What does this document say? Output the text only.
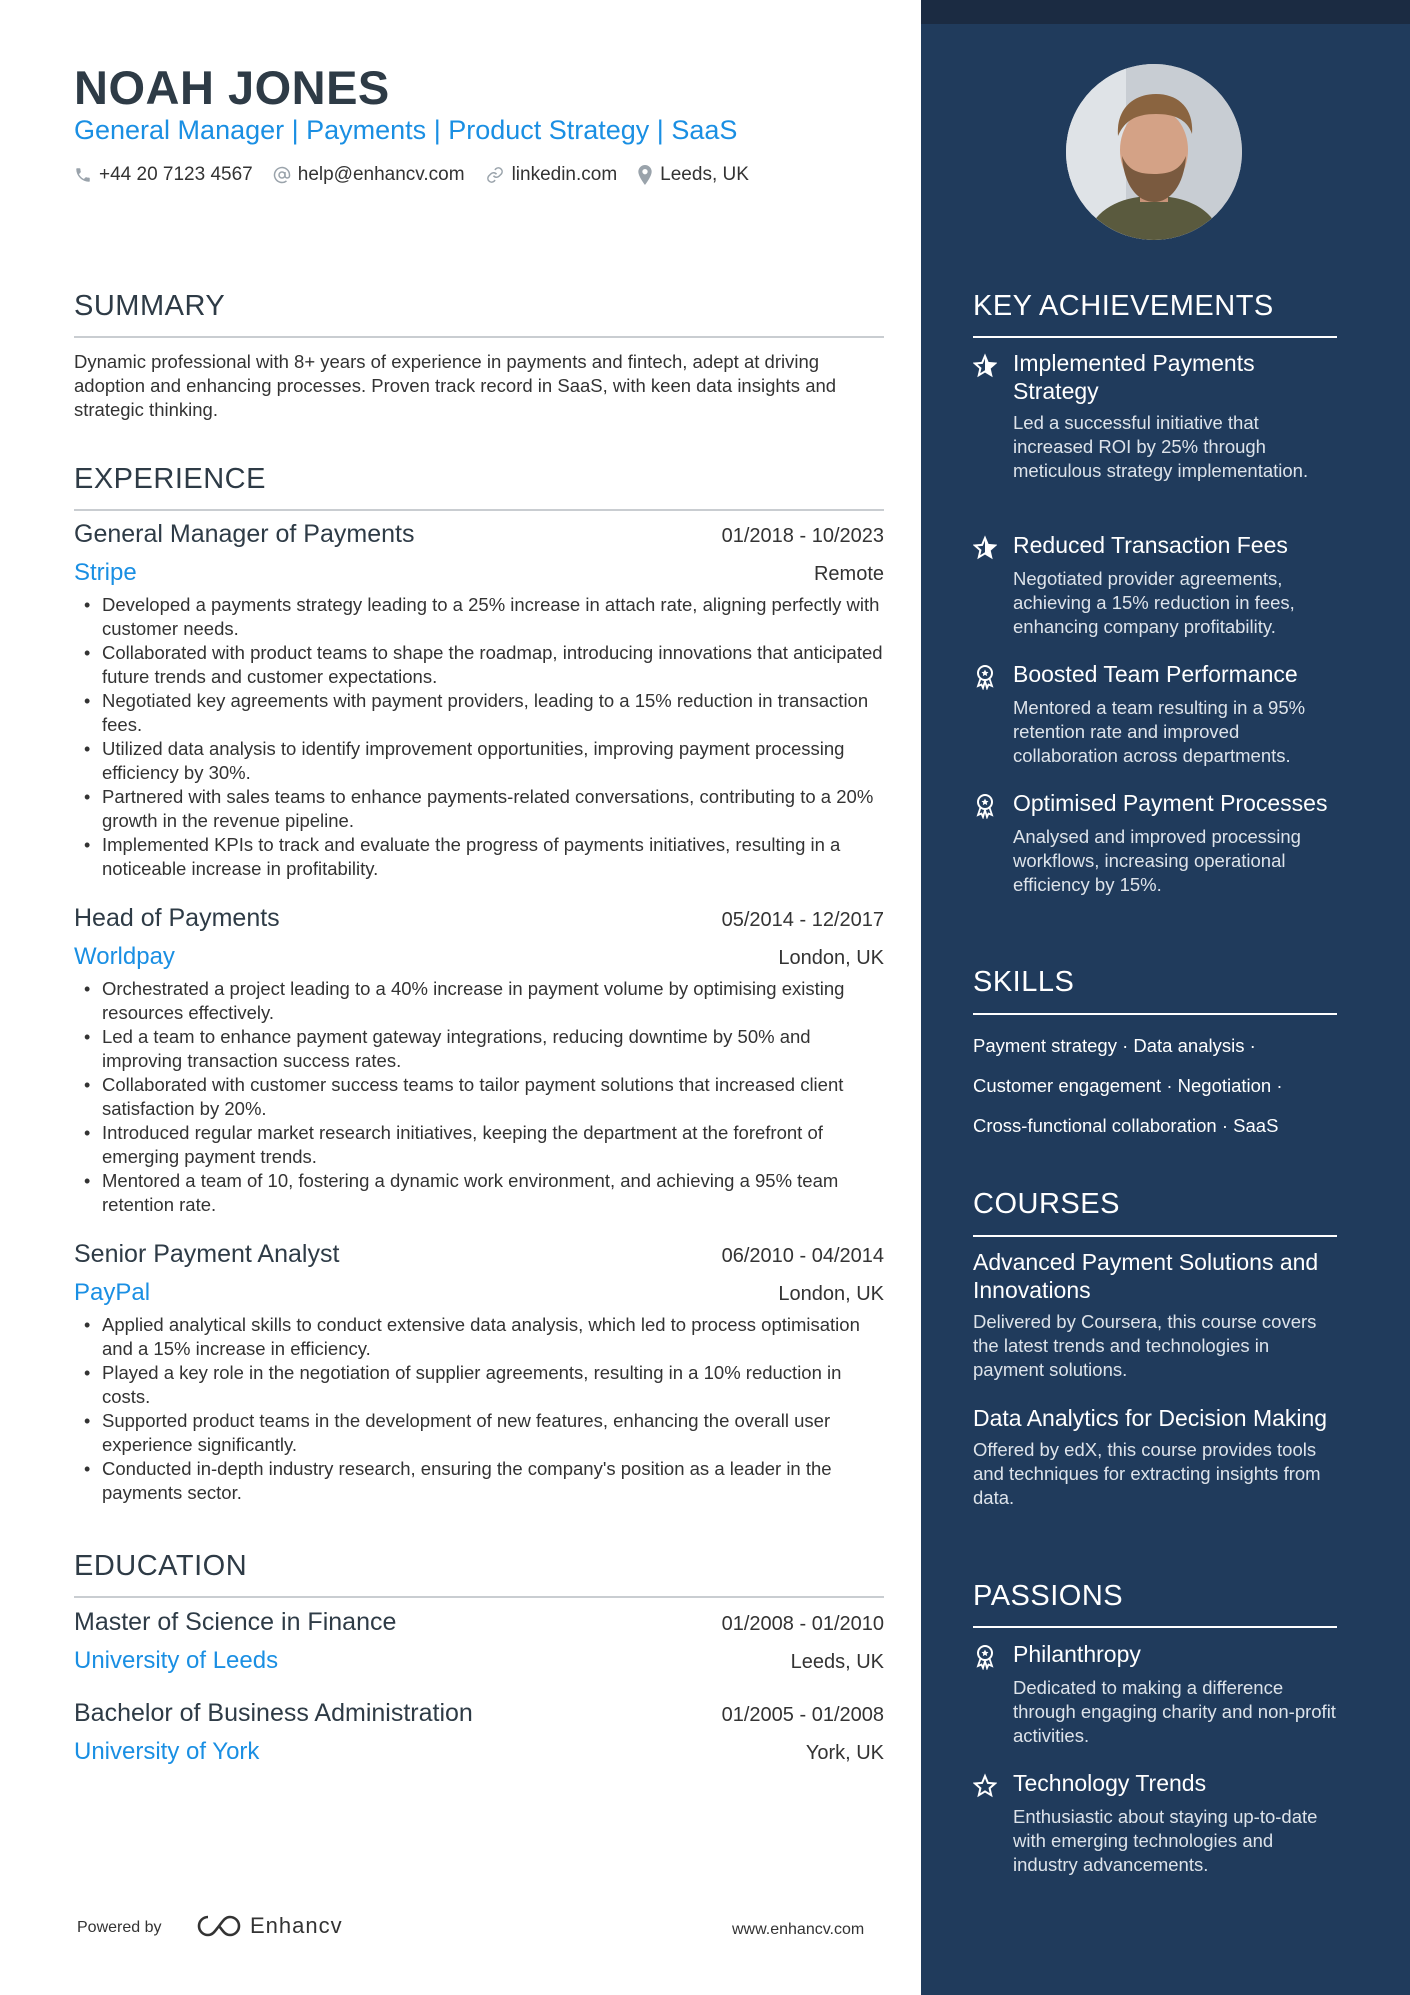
NOAH JONES
General Manager | Payments | Product Strategy | SaaS
+44 20 7123 4567 help@enhancv.com linkedin.com Leeds, UK
SUMMARY
Dynamic professional with 8+ years of experience in payments and fintech, adept at driving adoption and enhancing processes. Proven track record in SaaS, with keen data insights and strategic thinking.
EXPERIENCE
General Manager of Payments	01/2018 - 10/2023
Stripe	Remote
• Developed a payments strategy leading to a 25% increase in attach rate, aligning perfectly with customer needs.
• Collaborated with product teams to shape the roadmap, introducing innovations that anticipated future trends and customer expectations.
• Negotiated key agreements with payment providers, leading to a 15% reduction in transaction fees.
• Utilized data analysis to identify improvement opportunities, improving payment processing efficiency by 30%.
• Partnered with sales teams to enhance payments-related conversations, contributing to a 20% growth in the revenue pipeline.
• Implemented KPIs to track and evaluate the progress of payments initiatives, resulting in a noticeable increase in profitability.
Head of Payments	05/2014 - 12/2017
Worldpay	London, UK
• Orchestrated a project leading to a 40% increase in payment volume by optimising existing resources effectively.
• Led a team to enhance payment gateway integrations, reducing downtime by 50% and improving transaction success rates.
• Collaborated with customer success teams to tailor payment solutions that increased client satisfaction by 20%.
• Introduced regular market research initiatives, keeping the department at the forefront of emerging payment trends.
• Mentored a team of 10, fostering a dynamic work environment, and achieving a 95% team retention rate.
Senior Payment Analyst	06/2010 - 04/2014
PayPal	London, UK
• Applied analytical skills to conduct extensive data analysis, which led to process optimisation and a 15% increase in efficiency.
• Played a key role in the negotiation of supplier agreements, resulting in a 10% reduction in costs.
• Supported product teams in the development of new features, enhancing the overall user experience significantly.
• Conducted in-depth industry research, ensuring the company's position as a leader in the payments sector.
EDUCATION
Master of Science in Finance	01/2008 - 01/2010
University of Leeds	Leeds, UK
Bachelor of Business Administration	01/2005 - 01/2008
University of York	York, UK
Powered by	Enhancv	www.enhancv.com
KEY ACHIEVEMENTS
Implemented Payments Strategy
Led a successful initiative that increased ROI by 25% through meticulous strategy implementation.
Reduced Transaction Fees
Negotiated provider agreements, achieving a 15% reduction in fees, enhancing company profitability.
Boosted Team Performance
Mentored a team resulting in a 95% retention rate and improved collaboration across departments.
Optimised Payment Processes
Analysed and improved processing workflows, increasing operational efficiency by 15%.
SKILLS
Payment strategy · Data analysis ·
Customer engagement · Negotiation ·
Cross-functional collaboration · SaaS
COURSES
Advanced Payment Solutions and Innovations
Delivered by Coursera, this course covers the latest trends and technologies in payment solutions.
Data Analytics for Decision Making
Offered by edX, this course provides tools and techniques for extracting insights from data.
PASSIONS
Philanthropy
Dedicated to making a difference through engaging charity and non-profit activities.
Technology Trends
Enthusiastic about staying up-to-date with emerging technologies and industry advancements.
